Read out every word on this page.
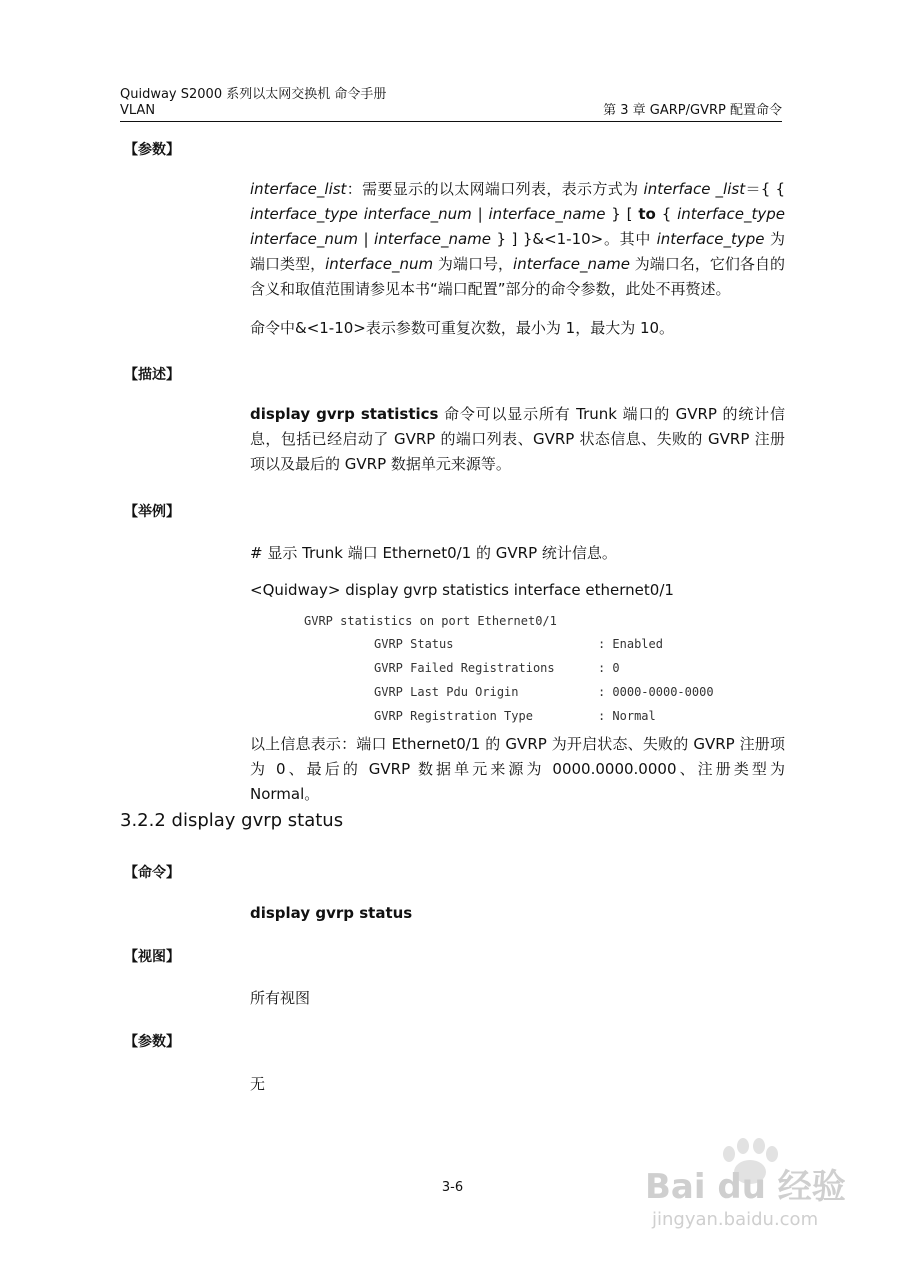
Quidway S2000 系列以太网交换机 命令手册
VLAN	第 3 章 GARP/GVRP 配置命令
【参数】
interface_list：需要显示的以太网端口列表，表示方式为 interface _list＝{ { interface_type interface_num | interface_name } [ to { interface_type interface_num | interface_name } ] }&<1-10>。其中 interface_type 为端口类型，interface_num 为端口号，interface_name 为端口名，它们各自的含义和取值范围请参见本书“端口配置”部分的命令参数，此处不再赘述。
命令中&<1-10>表示参数可重复次数，最小为 1，最大为 10。
【描述】
display gvrp statistics 命令可以显示所有 Trunk 端口的 GVRP 的统计信息，包括已经启动了 GVRP 的端口列表、GVRP 状态信息、失败的 GVRP 注册项以及最后的 GVRP 数据单元来源等。
【举例】
# 显示 Trunk 端口 Ethernet0/1 的 GVRP 统计信息。
<Quidway> display gvrp statistics interface ethernet0/1
GVRP statistics on port Ethernet0/1
GVRP Status                    : Enabled
GVRP Failed Registrations      : 0
GVRP Last Pdu Origin           : 0000-0000-0000
GVRP Registration Type         : Normal
以上信息表示：端口 Ethernet0/1 的 GVRP 为开启状态、失败的 GVRP 注册项为 0、最后的 GVRP 数据单元来源为 0000.0000.0000、注册类型为 Normal。
3.2.2 display gvrp status
【命令】
display gvrp status
【视图】
所有视图
【参数】
无
3-6	Bai du 经验
jingyan.baidu.com
